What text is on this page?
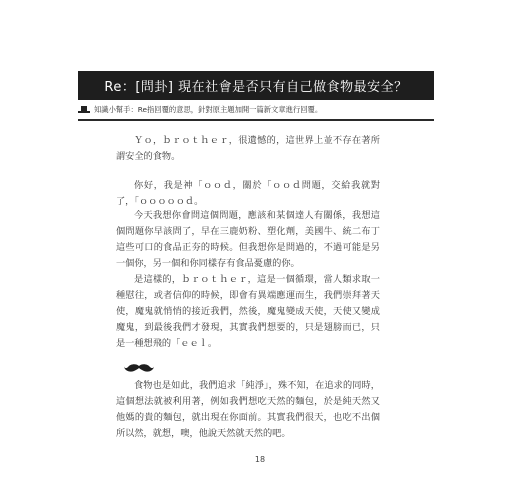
Re：[問卦] 現在社會是否只有自己做食物最安全？
知識小幫手：Re指回覆的意思，針對原主題加開一篇新文章進行回覆。

Ｙｏ，ｂｒｏｔｈｅｒ，很遺憾的，這世界上並不存在著所謂安全的食物。

你好，我是神「ｏｏｄ，關於「ｏｏｄ問題，交給我就對了，「ｏｏｏｏｏｄ。

今天我想你會問這個問題，應該和某個達人有關係，我想這個問題你早該問了，早在三鹿奶粉、塑化劑，美國牛、統二布丁這些可口的食品正夯的時候。但我想你是問過的，不過可能是另一個你，另一個和你同樣存有食品憂慮的你。

是這樣的，ｂｒｏｔｈｅｒ，這是一個循環，當人類求取一種慰往，或者信仰的時候，即會有異端應運而生，我們崇拜著天使，魔鬼就悄悄的接近我們，然後，魔鬼變成天使，天使又變成魔鬼，到最後我們才發現，其實我們想要的，只是翅膀而已，只是一種想飛的「ｅｅｌ。

食物也是如此，我們追求「純淨」，殊不知，在追求的同時，這個想法就被利用著，例如我們想吃天然的麵包，於是純天然又他媽的貴的麵包，就出現在你面前。其實我們很天，也吃不出個所以然，就想，噢，他說天然就天然的吧。

18
